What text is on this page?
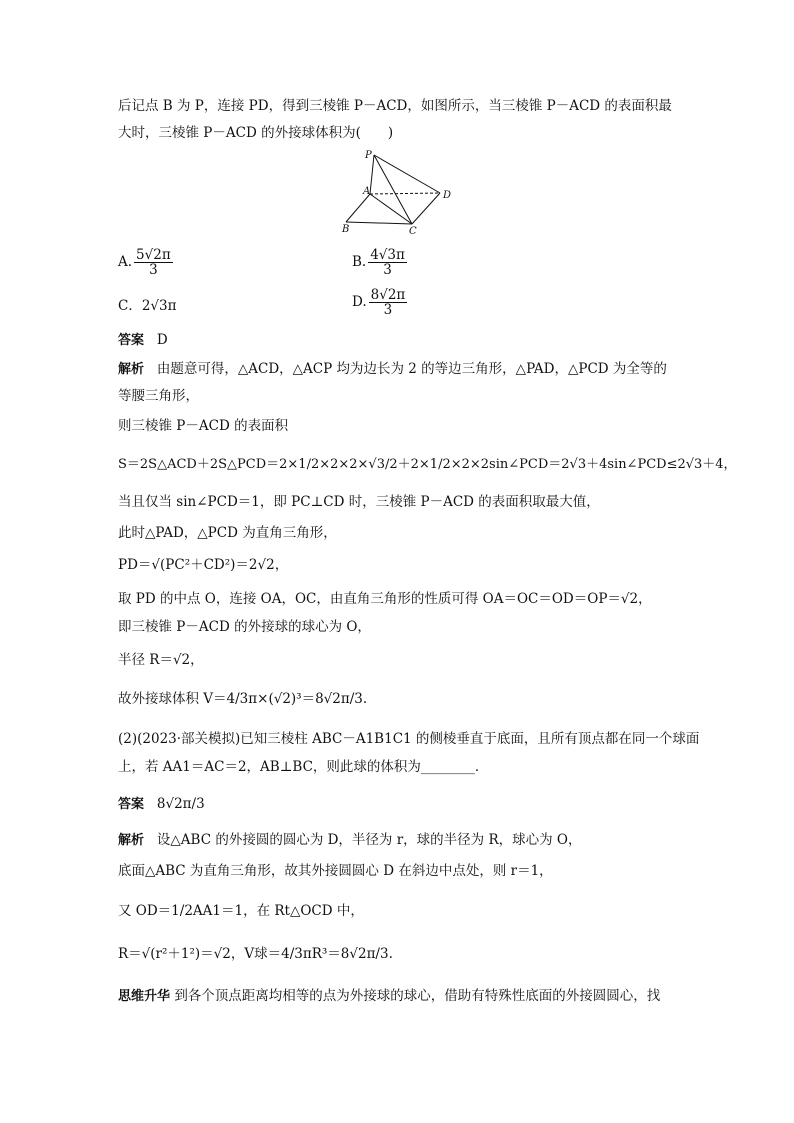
后记点 B 为 P，连接 PD，得到三棱锥 P－ACD，如图所示，当三棱锥 P－ACD 的表面积最
大时，三棱锥 P－ACD 的外接球体积为(　　)
P
A
B	C
D
A. $\frac{5√2\pi}{3}$	B. $\frac{4√3\pi}{3}$
C．2√3π	D. $\frac{8√2\pi}{3}$
答案 D
解析 由题意可得，△ACD，△ACP 均为边长为 2 的等边三角形，△PAD，△PCD 为全等的
等腰三角形，
则三棱锥 P－ACD 的表面积
S＝2S△ACD＋2S△PCD＝2×1/2×2×2×√3/2＋2×1/2×2×2sin∠PCD＝2√3＋4sin∠PCD≤2√3＋4，
当且仅当 sin∠PCD＝1，即 PC⊥CD 时，三棱锥 P－ACD 的表面积取最大值，
此时△PAD，△PCD 为直角三角形，
PD＝√(PC²＋CD²)＝2√2，
取 PD 的中点 O，连接 OA，OC，由直角三角形的性质可得 OA＝OC＝OD＝OP＝√2，
即三棱锥 P－ACD 的外接球的球心为 O，
半径 R＝√2，
故外接球体积 V＝4/3π×(√2)³＝8√2π/3.
(2)(2023·部关模拟)已知三棱柱 ABC－A1B1C1 的侧棱垂直于底面，且所有顶点都在同一个球面
上，若 AA1＝AC＝2，AB⊥BC，则此球的体积为________．
答案 8√2π/3
解析 设△ABC 的外接圆的圆心为 D，半径为 r，球的半径为 R，球心为 O，
底面△ABC 为直角三角形，故其外接圆圆心 D 在斜边中点处，则 r＝1，
又 OD＝1/2AA1＝1，在 Rt△OCD 中，
R＝√(r²＋1²)＝√2，V球＝4/3πR³＝8√2π/3.
思维升华 到各个顶点距离均相等的点为外接球的球心，借助有特殊性底面的外接圆圆心，找
